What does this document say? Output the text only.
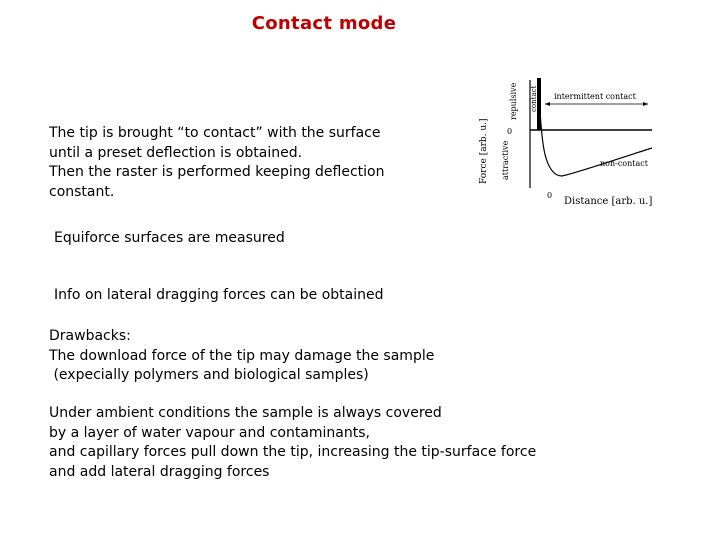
Contact mode
The tip is brought “to contact” with the surface
until a preset deflection is obtained.
Then the raster is performed keeping deflection
constant.
Equiforce surfaces are measured
Info on lateral dragging forces can be obtained
Drawbacks:
The download force of the tip may damage the sample
(expecially polymers and biological samples)
Under ambient conditions the sample is always covered
by a layer of water vapour and contaminants,
and capillary forces pull down the tip, increasing the tip-surface force
and add lateral dragging forces
Force [arb. u.]
repulsive
attractive
contact
0
0
Distance [arb. u.]
intermittent contact
non-contact
